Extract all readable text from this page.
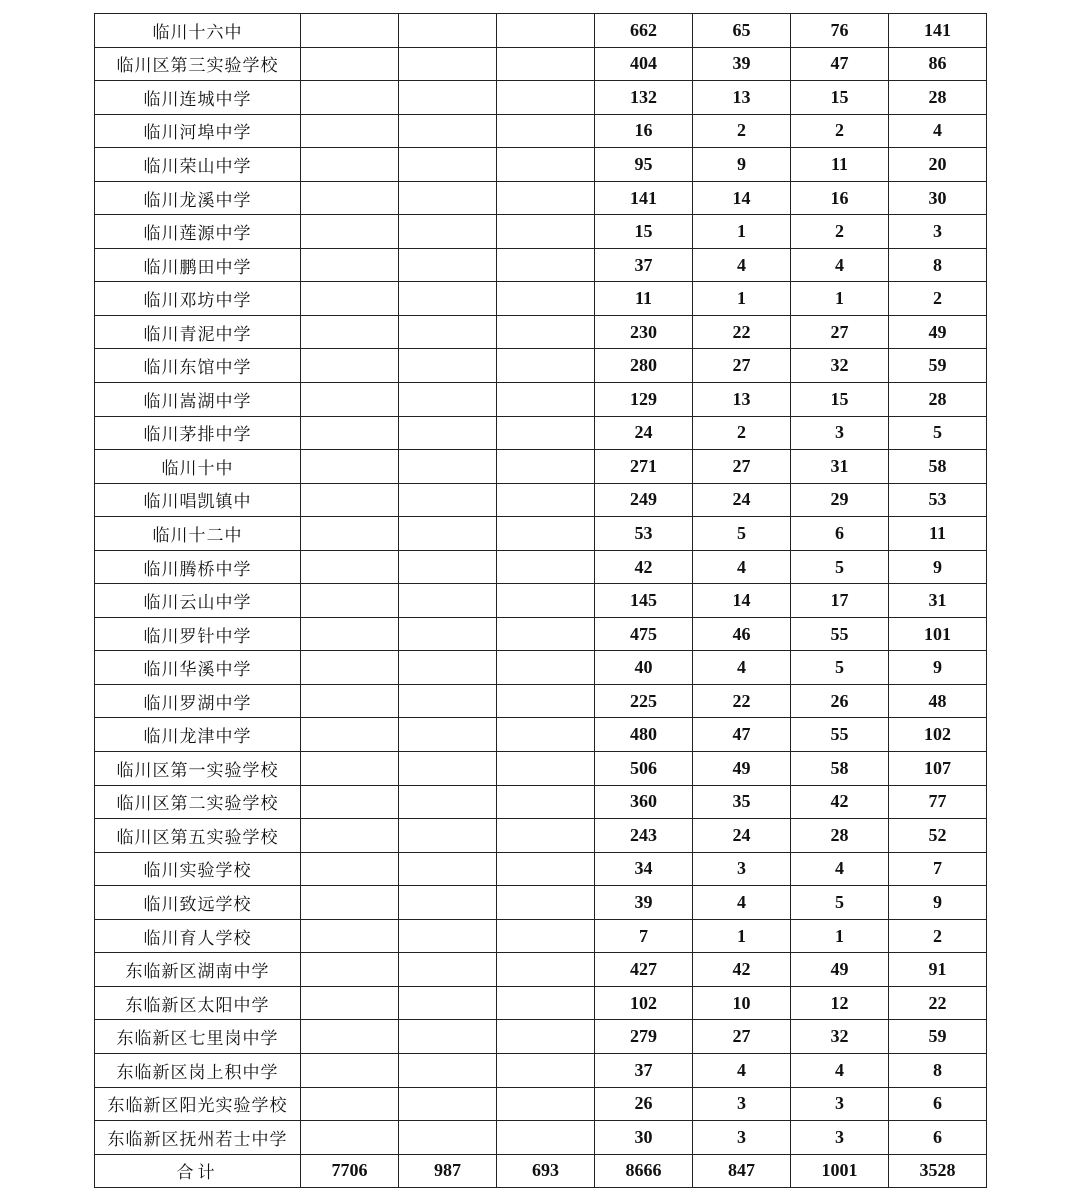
临川十六中				662	65	76	141
临川区第三实验学校				404	39	47	86
临川连城中学				132	13	15	28
临川河埠中学				16	2	2	4
临川荣山中学				95	9	11	20
临川龙溪中学				141	14	16	30
临川莲源中学				15	1	2	3
临川鹏田中学				37	4	4	8
临川邓坊中学				11	1	1	2
临川青泥中学				230	22	27	49
临川东馆中学				280	27	32	59
临川嵩湖中学				129	13	15	28
临川茅排中学				24	2	3	5
临川十中				271	27	31	58
临川唱凯镇中				249	24	29	53
临川十二中				53	5	6	11
临川腾桥中学				42	4	5	9
临川云山中学				145	14	17	31
临川罗针中学				475	46	55	101
临川华溪中学				40	4	5	9
临川罗湖中学				225	22	26	48
临川龙津中学				480	47	55	102
临川区第一实验学校				506	49	58	107
临川区第二实验学校				360	35	42	77
临川区第五实验学校				243	24	28	52
临川实验学校				34	3	4	7
临川致远学校				39	4	5	9
临川育人学校				7	1	1	2
东临新区湖南中学				427	42	49	91
东临新区太阳中学				102	10	12	22
东临新区七里岗中学				279	27	32	59
东临新区岗上积中学				37	4	4	8
东临新区阳光实验学校				26	3	3	6
东临新区抚州若士中学				30	3	3	6
合计	7706	987	693	8666	847	1001	3528
